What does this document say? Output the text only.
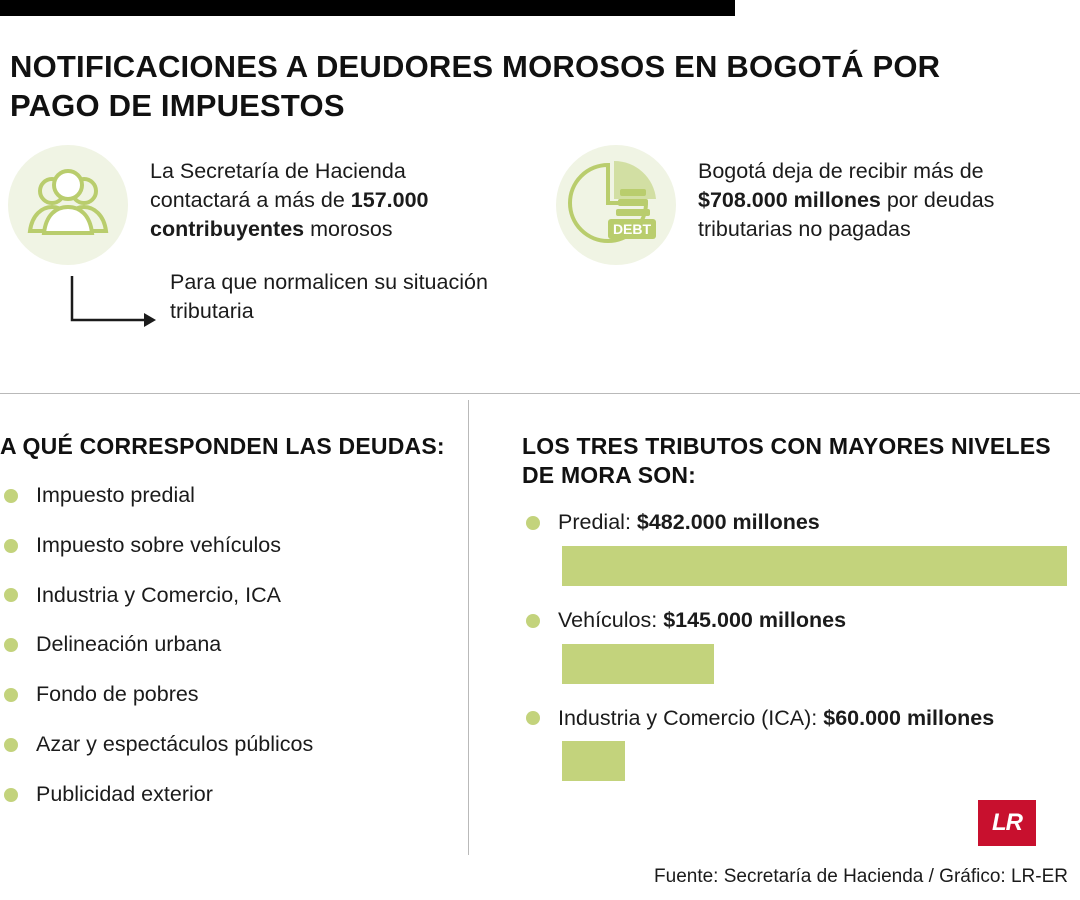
NOTIFICACIONES A DEUDORES MOROSOS EN BOGOTÁ POR PAGO DE IMPUESTOS
La Secretaría de Hacienda contactará a más de 157.000 contribuyentes morosos
Para que normalicen su situación tributaria
DEBT
Bogotá deja de recibir más de $708.000 millones por deudas tributarias no pagadas
A QUÉ CORRESPONDEN LAS DEUDAS:
Impuesto predial
Impuesto sobre vehículos
Industria y Comercio, ICA
Delineación urbana
Fondo de pobres
Azar y espectáculos públicos
Publicidad exterior
LOS TRES TRIBUTOS CON MAYORES NIVELES DE MORA SON:
Predial : $482.000 millones
Vehículos : $145.000 millones
Industria y Comercio (ICA) : $60.000 millones
LR
Fuente: Secretaría de Hacienda / Gráfico: LR-ER
